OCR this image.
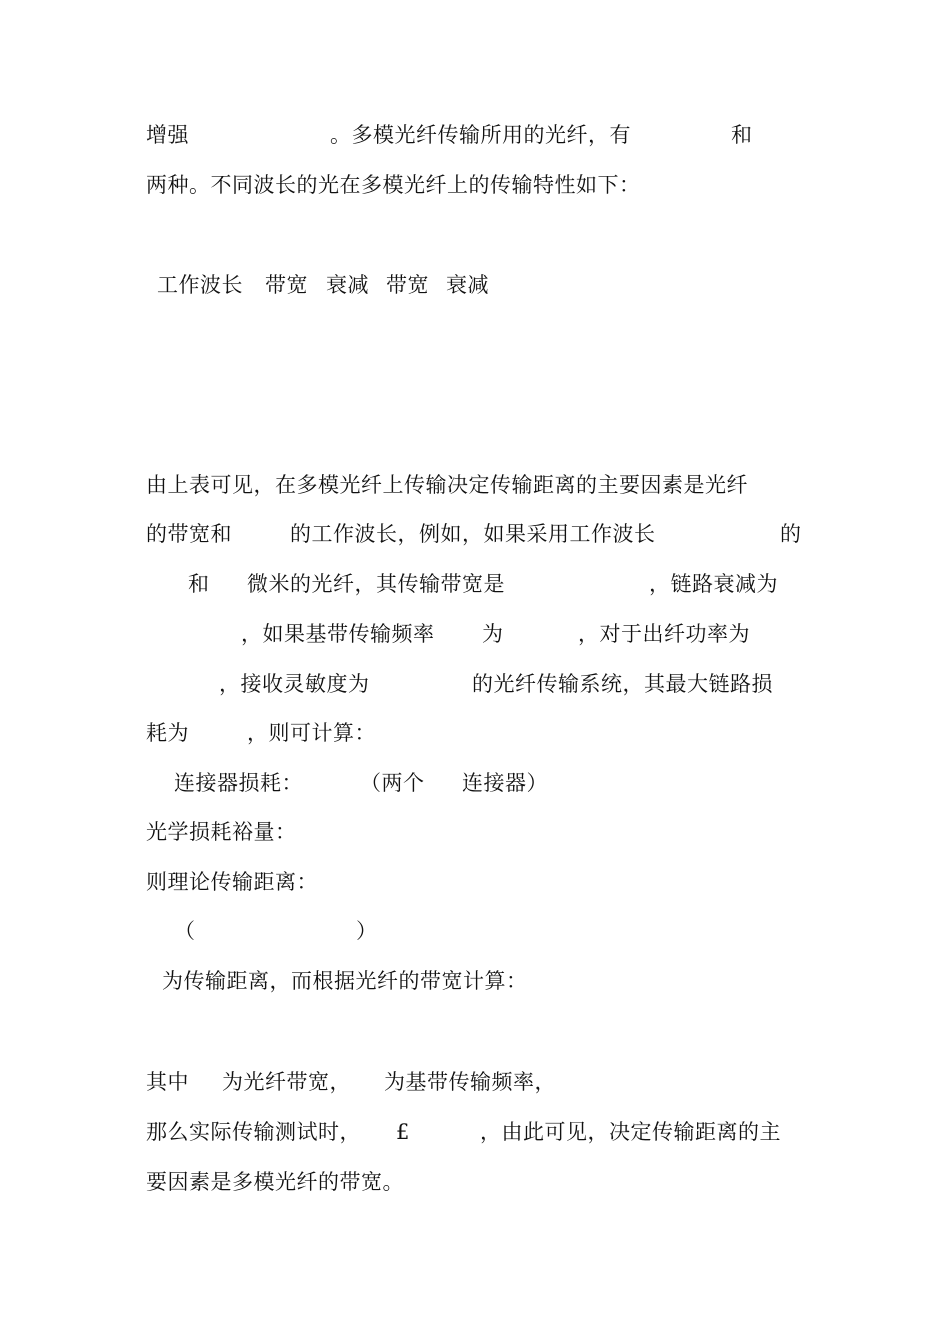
增强	。多模光纤传输所用的光纤，有	和
两种。不同波长的光在多模光纤上的传输特性如下：
工作波长 带宽 衰减 带宽 衰减
由上表可见，在多模光纤上传输决定传输距离的主要因素是光纤
的带宽和	的工作波长，例如，如果采用工作波长	的
和 微米的光纤，其传输带宽是	，链路衰减为
，如果基带传输频率 为	，对于出纤功率为
，接收灵敏度为	的光纤传输系统，其最大链路损
耗为	，则可计算：
连接器损耗：	（两个 连接器）
光学损耗裕量：
则理论传输距离：
（	）
为传输距离，而根据光纤的带宽计算：
其中 为光纤带宽， 为基带传输频率，
那么实际传输测试时， £	，由此可见，决定传输距离的主
要因素是多模光纤的带宽。
